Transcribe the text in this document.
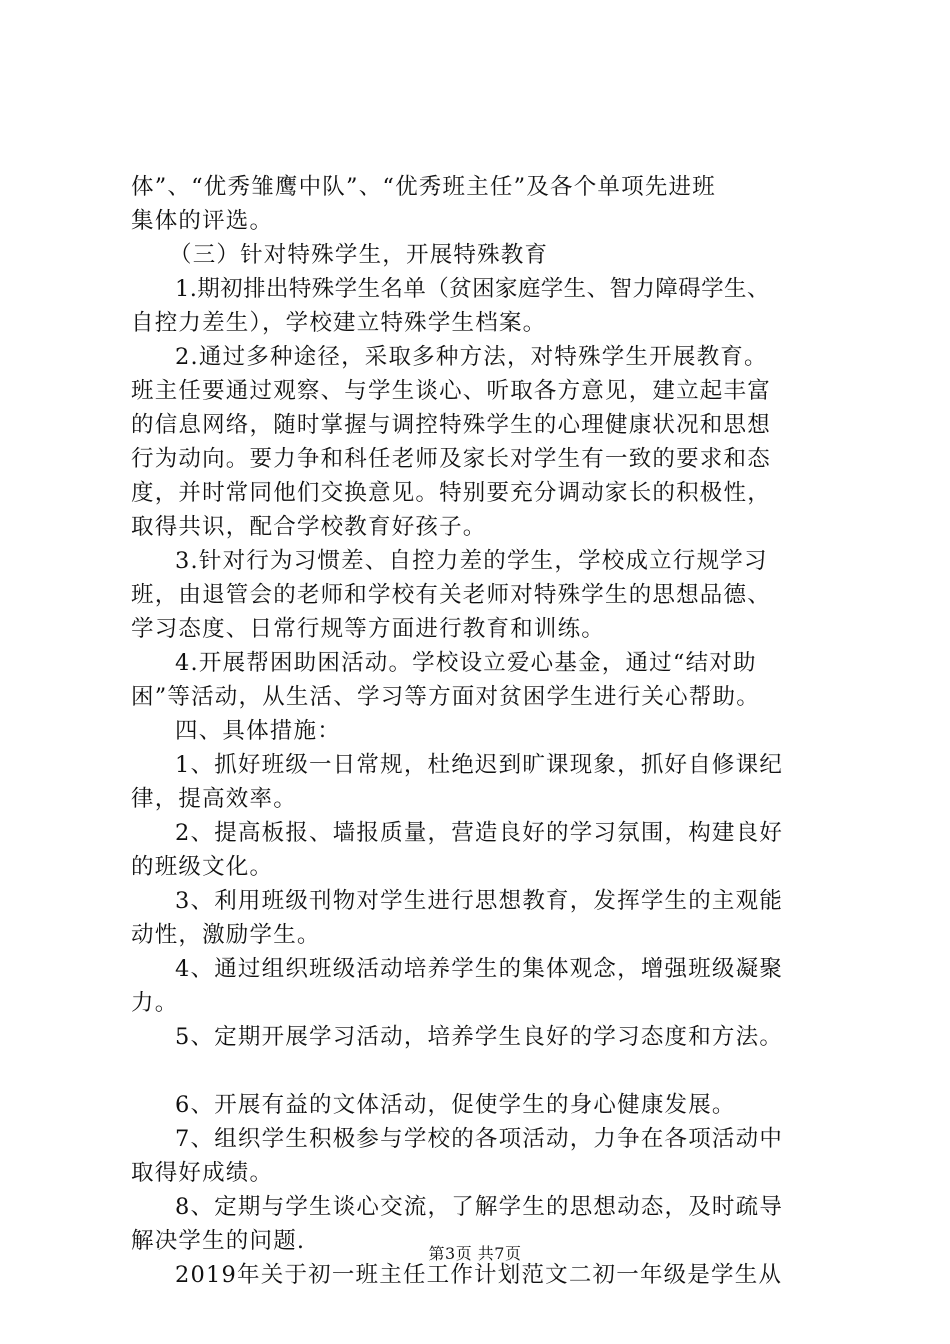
体”、“优秀雏鹰中队”、“优秀班主任”及各个单项先进班
集体的评选。
（三）针对特殊学生，开展特殊教育
1.期初排出特殊学生名单（贫困家庭学生、智力障碍学生、
自控力差生），学校建立特殊学生档案。
2.通过多种途径，采取多种方法，对特殊学生开展教育。
班主任要通过观察、与学生谈心、听取各方意见，建立起丰富
的信息网络，随时掌握与调控特殊学生的心理健康状况和思想
行为动向。要力争和科任老师及家长对学生有一致的要求和态
度，并时常同他们交换意见。特别要充分调动家长的积极性，
取得共识，配合学校教育好孩子。
3.针对行为习惯差、自控力差的学生，学校成立行规学习
班，由退管会的老师和学校有关老师对特殊学生的思想品德、
学习态度、日常行规等方面进行教育和训练。
4.开展帮困助困活动。学校设立爱心基金，通过“结对助
困”等活动，从生活、学习等方面对贫困学生进行关心帮助。
四、具体措施：
1、抓好班级一日常规，杜绝迟到旷课现象，抓好自修课纪
律，提高效率。
2、提高板报、墙报质量，营造良好的学习氛围，构建良好
的班级文化。
3、利用班级刊物对学生进行思想教育，发挥学生的主观能
动性，激励学生。
4、通过组织班级活动培养学生的集体观念，增强班级凝聚
力。
5、定期开展学习活动，培养学生良好的学习态度和方法。
6、开展有益的文体活动，促使学生的身心健康发展。
7、组织学生积极参与学校的各项活动，力争在各项活动中
取得好成绩。
8、定期与学生谈心交流，了解学生的思想动态，及时疏导
解决学生的问题.
2019年关于初一班主任工作计划范文二初一年级是学生从
第3页 共7页
